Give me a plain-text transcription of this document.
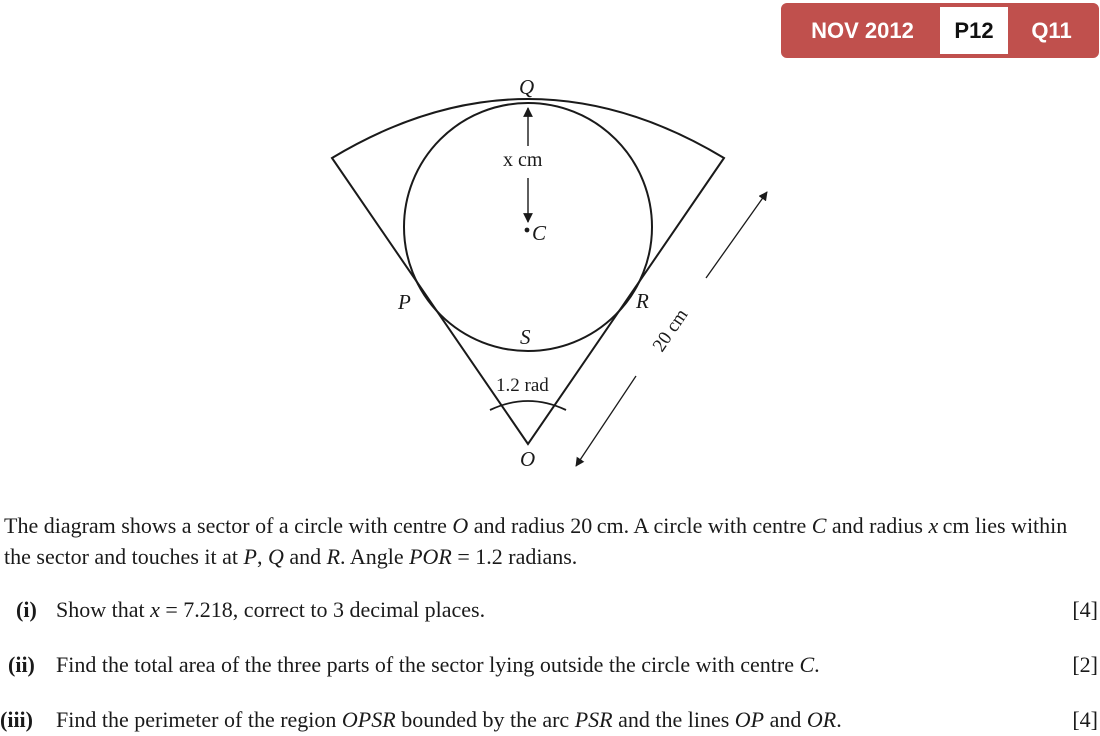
NOV 2012	P12	Q11
Q
x cm
C
P	R
S
1.2 rad
O
20 cm

The diagram shows a sector of a circle with centre O and radius 20 cm. A circle with centre C and radius x cm lies within the sector and touches it at P, Q and R. Angle POR = 1.2 radians.

(i) Show that x = 7.218, correct to 3 decimal places.	[4]
(ii) Find the total area of the three parts of the sector lying outside the circle with centre C.	[2]
(iii) Find the perimeter of the region OPSR bounded by the arc PSR and the lines OP and OR.	[4]
